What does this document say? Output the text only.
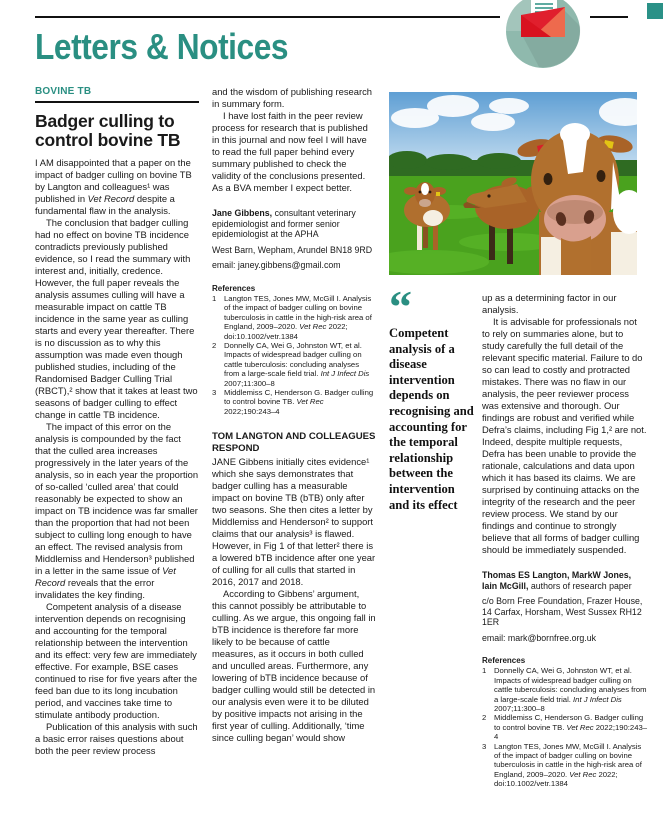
Letters & Notices
BOVINE TB
Badger culling to control bovine TB

I AM disappointed that a paper on the impact of badger culling on bovine TB by Langton and colleagues¹ was published in Vet Record despite a fundamental flaw in the analysis.

The conclusion that badger culling had no effect on bovine TB incidence contradicts previously published evidence, so I read the summary with interest and, initially, credence. However, the full paper reveals the analysis assumes culling will have a measurable impact on cattle TB incidence in the same year as culling starts and every year thereafter. There is no discussion as to why this assumption was made even though published studies, including of the Randomised Badger Culling Trial (RBCT),² show that it takes at least two seasons of badger culling to effect change in cattle TB incidence.

The impact of this error on the analysis is compounded by the fact that the culled area increases progressively in the later years of the analysis, so in each year the proportion of so-called ‘culled area’ that could reasonably be expected to show an impact on TB incidence was far smaller than the proportion that had not been subject to culling long enough to have an effect. The revised analysis from Middlemiss and Henderson³ published in a letter in the same issue of Vet Record reveals that the error invalidates the key finding.

Competent analysis of a disease intervention depends on recognising and accounting for the temporal relationship between the intervention and its effect: very few are immediately effective. For example, BSE cases continued to rise for five years after the feed ban due to its long incubation period, and vaccines take time to stimulate antibody production.

Publication of this analysis with such a basic error raises questions about both the peer review process

and the wisdom of publishing research in summary form.

I have lost faith in the peer review process for research that is published in this journal and now feel I will have to read the full paper behind every summary published to check the validity of the conclusions presented. As a BVA member I expect better.

Jane Gibbens, consultant veterinary epidemiologist and former senior epidemiologist at the APHA
West Barn, Wepham, Arundel BN18 9RD
email: janey.gibbens@gmail.com
References
1	Langton TES, Jones MW, McGill I. Analysis of the impact of badger culling on bovine tuberculosis in cattle in the high-risk area of England, 2009–2020. Vet Rec 2022; doi:10.1002/vetr.1384
2	Donnelly CA, Wei G, Johnston WT, et al. Impacts of widespread badger culling on cattle tuberculosis: concluding analyses from a large-scale field trial. Int J Infect Dis 2007;11:300–8
3	Middlemiss C, Henderson G. Badger culling to control bovine TB. Vet Rec 2022;190:243–4
TOM LANGTON AND COLLEAGUES RESPOND

JANE Gibbens initially cites evidence¹ which she says demonstrates that badger culling has a measurable impact on bovine TB (bTB) only after two seasons. She then cites a letter by Middlemiss and Henderson² to support claims that our analysis³ is flawed. However, in Fig 1 of that letter² there is a lowered bTB incidence after one year of culling for all culls that started in 2016, 2017 and 2018.

According to Gibbens’ argument, this cannot possibly be attributable to culling. As we argue, this ongoing fall in bTB incidence is therefore far more likely to be because of cattle measures, as it occurs in both culled and unculled areas. Furthermore, any lowering of bTB incidence because of badger culling would still be detected in our analysis even were it to be diluted by positive impacts not arising in the first year of culling. Additionally, ‘time since culling began’ would show

“
Competent analysis of a disease intervention depends on recognising and accounting for the temporal relationship between the intervention and its effect

up as a determining factor in our analysis.

It is advisable for professionals not to rely on summaries alone, but to study carefully the full detail of the relevant specific material. Failure to do so can lead to costly and protracted mistakes. There was no flaw in our analysis, the peer reviewer process was extensive and thorough. Our findings are robust and verified while Defra’s claims, including Fig 1,² are not. Indeed, despite multiple requests, Defra has been unable to provide the rationale, calculations and data upon which it has based its claims. We are surprised by continuing attacks on the integrity of the research and the peer review process. We stand by our findings and continue to strongly believe that all forms of badger culling should be immediately suspended.

Thomas ES Langton, MarkW Jones, Iain McGill, authors of research paper
c/o Born Free Foundation, Frazer House, 14 Carfax, Horsham, West Sussex RH12 1ER
email: mark@bornfree.org.uk
References
1	Donnelly CA, Wei G, Johnston WT, et al. Impacts of widespread badger culling on cattle tuberculosis: concluding analyses from a large-scale field trial. Int J Infect Dis 2007;11:300–8
2	Middlemiss C, Henderson G. Badger culling to control bovine TB. Vet Rec 2022;190:243–4
3	Langton TES, Jones MW, McGill I. Analysis of the impact of badger culling on bovine tuberculosis in cattle in the high-risk area of England, 2009–2020. Vet Rec 2022; doi:10.1002/vetr.1384
